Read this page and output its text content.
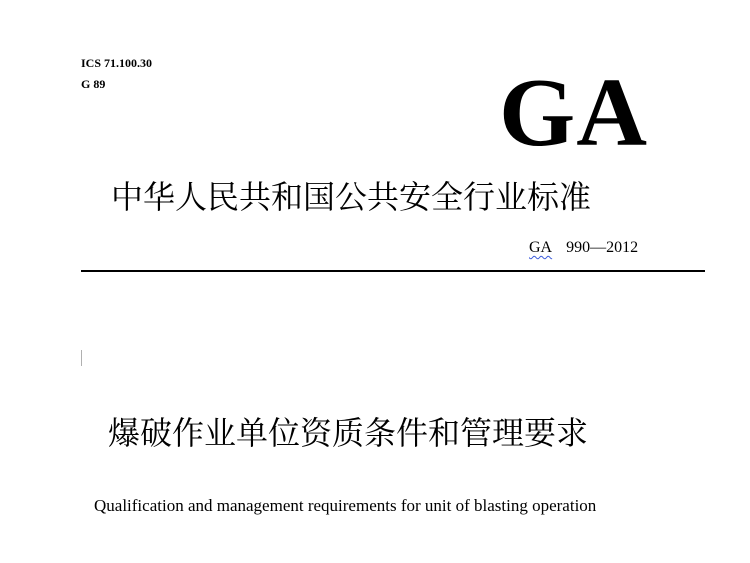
ICS 71.100.30
G 89	GA
中华人民共和国公共安全行业标准
GA 990—2012
爆破作业单位资质条件和管理要求
Qualification and management requirements for unit of blasting operation
